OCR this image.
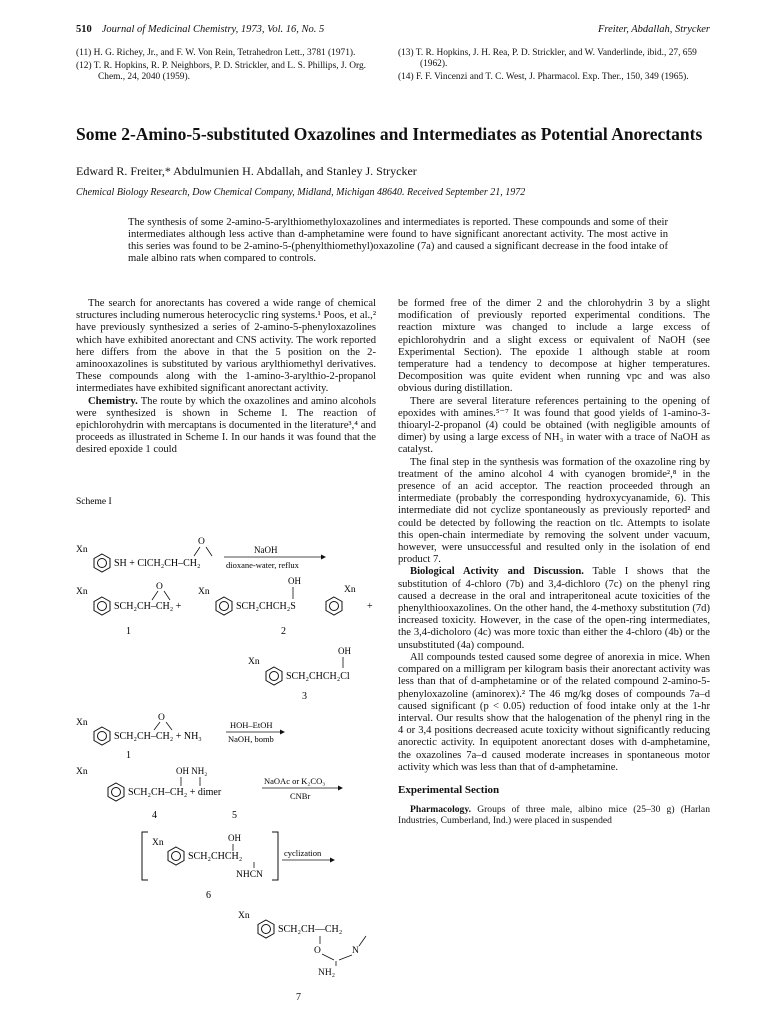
510 Journal of Medicinal Chemistry, 1973, Vol. 16, No. 5	Freiter, Abdallah, Strycker

(11) H. G. Richey, Jr., and F. W. Von Rein, Tetrahedron Lett., 3781 (1971).

(12) T. R. Hopkins, R. P. Neighbors, P. D. Strickler, and L. S. Phillips, J. Org. Chem., 24, 2040 (1959).

(13) T. R. Hopkins, J. H. Rea, P. D. Strickler, and W. Vanderlinde, ibid., 27, 659 (1962).

(14) F. F. Vincenzi and T. C. West, J. Pharmacol. Exp. Ther., 150, 349 (1965).

Some 2-Amino-5-substituted Oxazolines and Intermediates as Potential Anorectants
Edward R. Freiter,* Abdulmunien H. Abdallah, and Stanley J. Strycker
Chemical Biology Research, Dow Chemical Company, Midland, Michigan 48640. Received September 21, 1972
The synthesis of some 2-amino-5-arylthiomethyloxazolines and intermediates is reported. These compounds and some of their intermediates although less active than d-amphetamine were found to have significant anorectant activity. The most active in this series was found to be 2-amino-5-(phenylthiomethyl)oxazoline (7a) and caused a significant decrease in the food intake of male albino rats when compared to controls.

The search for anorectants has covered a wide range of chemical structures including numerous heterocyclic ring systems.¹ Poos, et al.,² have previously synthesized a series of 2-amino-5-phenyloxazolines which have exhibited anorectant and CNS activity. The work reported here differs from the above in that the 5 position on the 2-aminooxazolines is substituted by various arylthiomethyl derivatives. These compounds along with the 1-amino-3-arylthio-2-propanol intermediates have exhibited significant anorectant activity.

Chemistry. The route by which the oxazolines and amino alcohols were synthesized is shown in Scheme I. The reaction of epichlorohydrin with mercaptans is documented in the literature³,⁴ and proceeds as illustrated in Scheme I. In our hands it was found that the desired epoxide 1 could

Scheme I
Xn
SH + ClCH₂CH–CH₂
O
NaOH
dioxane-water, reflux
Xn
SCH₂CH–CH₂ +
O	Xn
SCH₂CHCH₂S
OH
Xn
+
1	2
OH
Xn
SCH₂CHCH₂Cl
3
Xn
SCH₂CH–CH₂ + NH₃
O
HOH–EtOH
NaOH, bomb
1
Xn	OH NH₂
SCH₂CH–CH₂ + dimer
NaOAc or K₂CO₃
CNBr
4	5
Xn
SCH₂CHCH₂
OH
NHCN
cyclization
6
Xn
SCH₂CH—CH₂
O	N
NH₂
7

be formed free of the dimer 2 and the chlorohydrin 3 by a slight modification of previously reported experimental conditions. The reaction mixture was changed to include a large excess of epichlorohydrin and a slight excess or equivalent of NaOH (see Experimental Section). The epoxide 1 although stable at room temperature had a tendency to decompose at higher temperatures. Decomposition was quite evident when running vpc and was also obvious during distillation.

There are several literature references pertaining to the opening of epoxides with amines.⁵⁻⁷ It was found that good yields of 1-amino-3-thioaryl-2-propanol (4) could be obtained (with negligible amounts of dimer) by using a large excess of NH₃ in water with a trace of NaOH as catalyst.

The final step in the synthesis was formation of the oxazoline ring by treatment of the amino alcohol 4 with cyanogen bromide²,⁸ in the presence of an acid acceptor. The reaction proceeded through an intermediate (probably the corresponding hydroxycyanamide, 6). This intermediate did not cyclize spontaneously as previously reported² and could be detected by following the reaction on tlc. Attempts to isolate this open-chain intermediate by removing the solvent under vacuum, however, were unsuccessful and resulted only in the isolation of end product 7.

Biological Activity and Discussion. Table I shows that the substitution of 4-chloro (7b) and 3,4-dichloro (7c) on the phenyl ring caused a decrease in the oral and intraperitoneal acute toxicities of the phenylthiooxazolines. On the other hand, the 4-methoxy substitution (7d) increased toxicity. However, in the case of the open-ring intermediates, the 3,4-dicholoro (4c) was more toxic than either the 4-chloro (4b) or the unsubstituted (4a) compound.

All compounds tested caused some degree of anorexia in mice. When compared on a milligram per kilogram basis their anorectant activity was less than that of d-amphetamine or of the related compound 2-amino-5-phenyloxazoline (aminorex).² The 46 mg/kg doses of compounds 7a–d caused significant (p < 0.05) reduction of food intake only at the 1-hr interval. Our results show that the halogenation of the phenyl ring in the 4 or 3,4 positions decreased acute toxicity without significantly reducing anorectic activity. In equipotent anorectant doses with d-amphetamine, the oxazolines 7a–d caused moderate increases in spontaneous motor activity which was less than that of d-amphetamine.

Experimental Section

Pharmacology. Groups of three male, albino mice (25–30 g) (Harlan Industries, Cumberland, Ind.) were placed in suspended
